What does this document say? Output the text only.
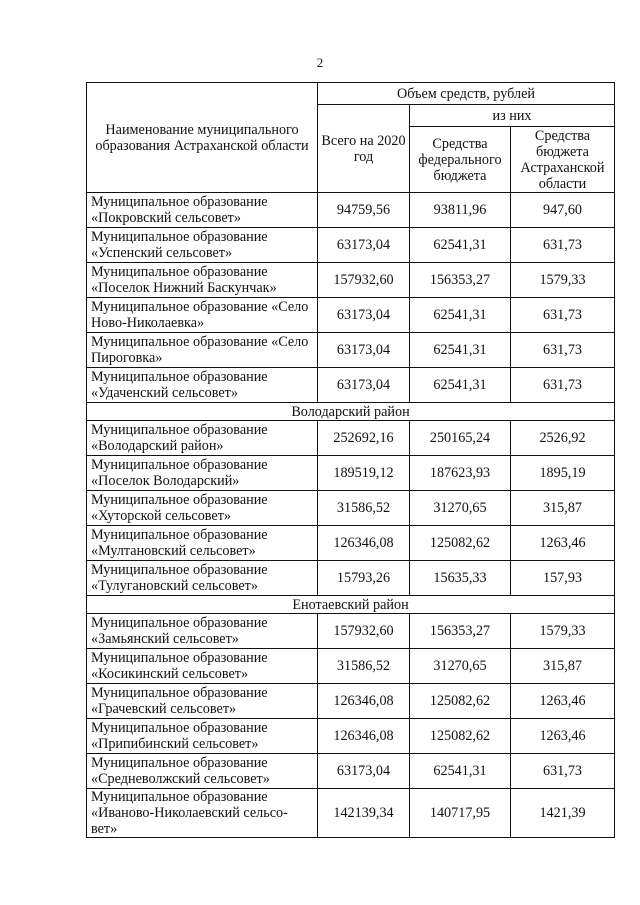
2
Наименование муниципального образования Астраханской области	Объем средств, рублей		
	Всего на 2020 год	из них	
		Средства федерального бюджета	Средства бюджета Астраханской области
Муниципальное образование «Покровский сельсовет»	94759,56	93811,96	947,60
Муниципальное образование «Успенский сельсовет»	63173,04	62541,31	631,73
Муниципальное образование «Поселок Нижний Баскунчак»	157932,60	156353,27	1579,33
Муниципальное образование «Село Ново-Николаевка»	63173,04	62541,31	631,73
Муниципальное образование «Село Пироговка»	63173,04	62541,31	631,73
Муниципальное образование «Удаченский сельсовет»	63173,04	62541,31	631,73
Володарский район			
Муниципальное образование «Володарский район»	252692,16	250165,24	2526,92
Муниципальное образование «Поселок Володарский»	189519,12	187623,93	1895,19
Муниципальное образование «Хуторской сельсовет»	31586,52	31270,65	315,87
Муниципальное образование «Мултановский сельсовет»	126346,08	125082,62	1263,46
Муниципальное образование «Тулугановский сельсовет»	15793,26	15635,33	157,93
Енотаевский район			
Муниципальное образование «Замьянский сельсовет»	157932,60	156353,27	1579,33
Муниципальное образование «Косикинский сельсовет»	31586,52	31270,65	315,87
Муниципальное образование «Грачевский сельсовет»	126346,08	125082,62	1263,46
Муниципальное образование «Припибинский сельсовет»	126346,08	125082,62	1263,46
Муниципальное образование «Средневолжский сельсовет»	63173,04	62541,31	631,73
Муниципальное образование «Иваново-Николаевский сельсо-вет»	142139,34	140717,95	1421,39
